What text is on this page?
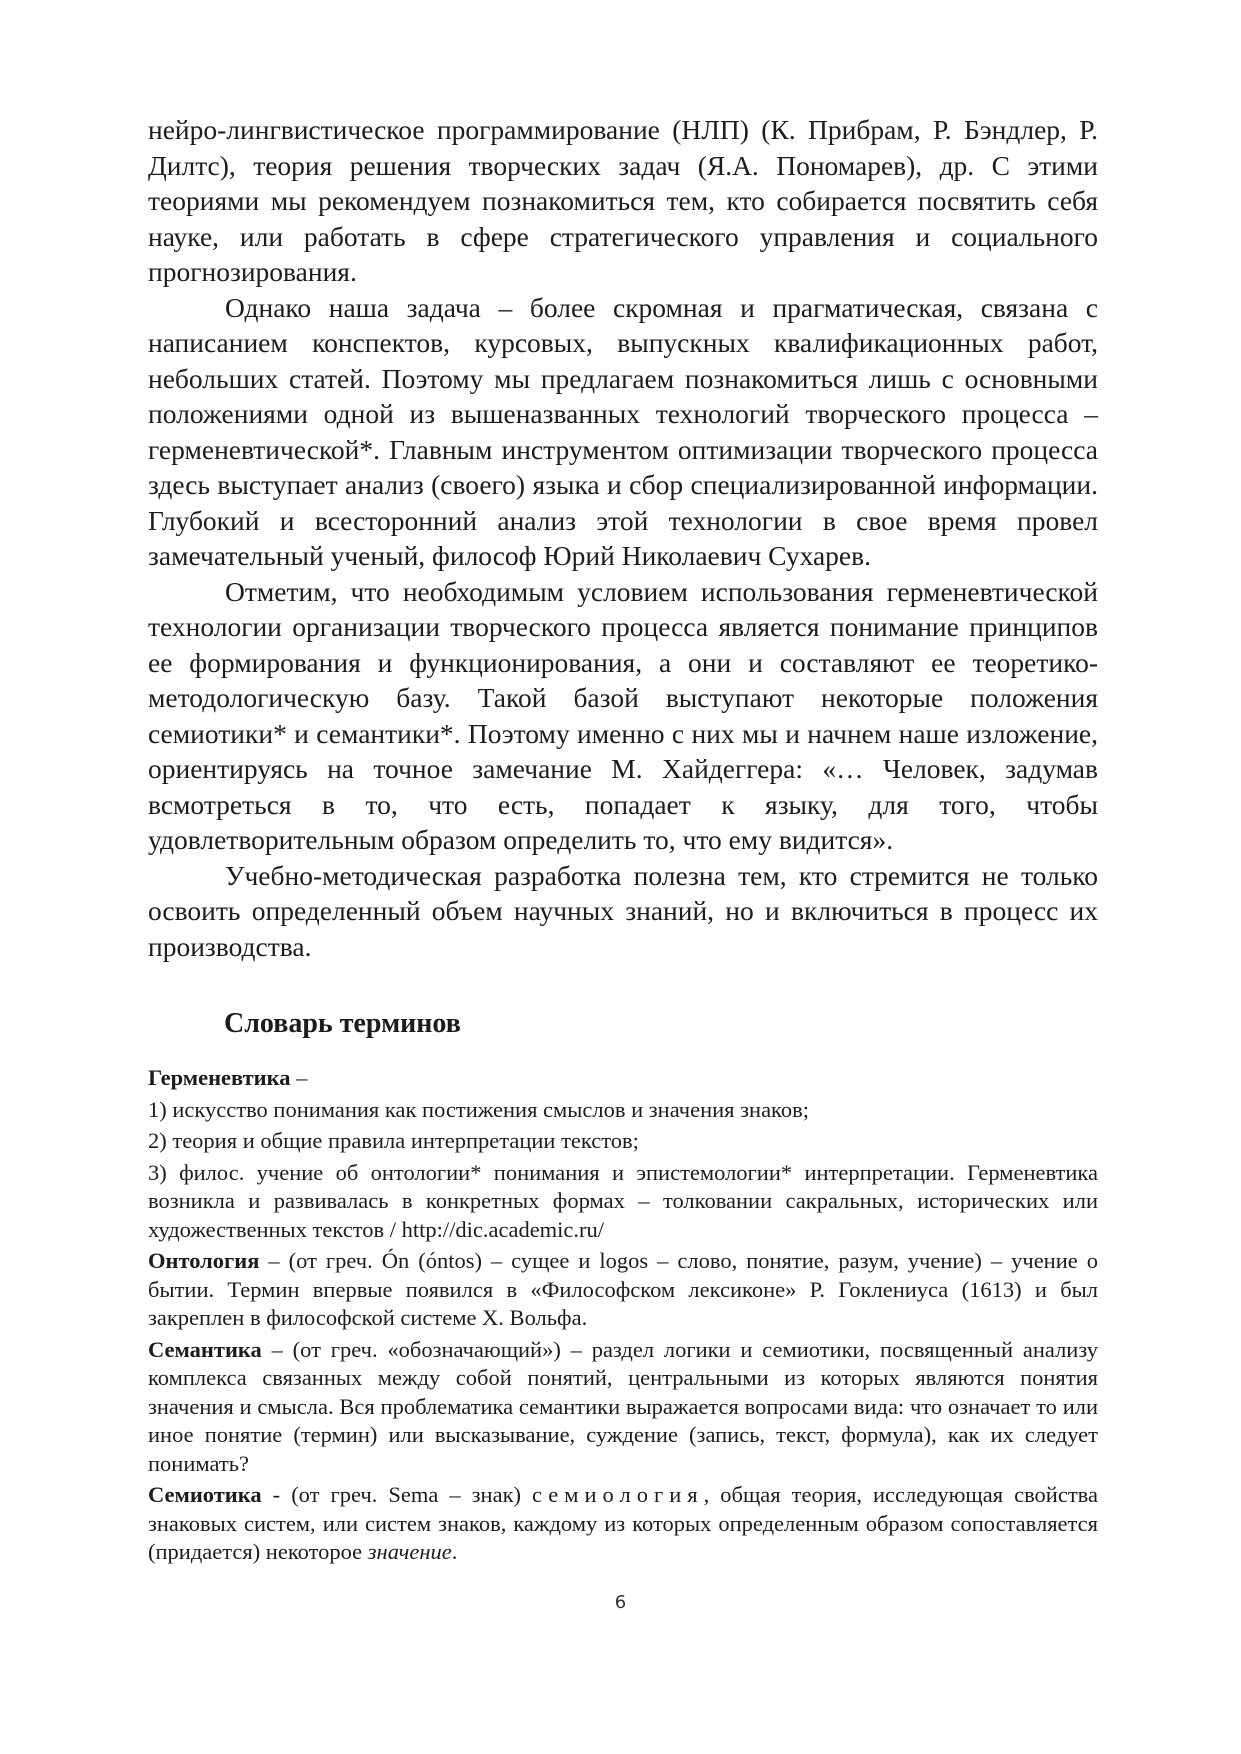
нейро-лингвистическое программирование (НЛП) (К. Прибрам, Р. Бэндлер, Р. Дилтс), теория решения творческих задач (Я.А. Пономарев), др. С этими теориями мы рекомендуем познакомиться тем, кто собирается посвятить себя науке, или работать в сфере стратегического управления и социального прогнозирования.

Однако наша задача – более скромная и прагматическая, связана с написанием конспектов, курсовых, выпускных квалификационных работ, небольших статей. Поэтому мы предлагаем познакомиться лишь с основными положениями одной из вышеназванных технологий творческого процесса – герменевтической*. Главным инструментом оптимизации творческого процесса здесь выступает анализ (своего) языка и сбор специализированной информации. Глубокий и всесторонний анализ этой технологии в свое время провел замечательный ученый, философ Юрий Николаевич Сухарев.

Отметим, что необходимым условием использования герменевтической технологии организации творческого процесса является понимание принципов ее формирования и функционирования, а они и составляют ее теоретико-методологическую базу. Такой базой выступают некоторые положения семиотики* и семантики*. Поэтому именно с них мы и начнем наше изложение, ориентируясь на точное замечание М. Хайдеггера: «… Человек, задумав всмотреться в то, что есть, попадает к языку, для того, чтобы удовлетворительным образом определить то, что ему видится».

Учебно-методическая разработка полезна тем, кто стремится не только освоить определенный объем научных знаний, но и включиться в процесс их производства.

Словарь терминов
Герменевтика –
1) искусство понимания как постижения смыслов и значения знаков;
2) теория и общие правила интерпретации текстов;
3) филос. учение об онтологии* понимания и эпистемологии* интерпретации. Герменевтика возникла и развивалась в конкретных формах – толковании сакральных, исторических или художественных текстов / http://dic.academic.ru/
Онтология – (от греч. Ón (óntos) – сущее и logos – слово, понятие, разум, учение) – учение о бытии. Термин впервые появился в «Философском лексиконе» Р. Гоклениуса (1613) и был закреплен в философской системе Х. Вольфа.
Семантика – (от греч. «обозначающий») – раздел логики и семиотики, посвященный анализу комплекса связанных между собой понятий, центральными из которых являются понятия значения и смысла. Вся проблематика семантики выражается вопросами вида: что означает то или иное понятие (термин) или высказывание, суждение (запись, текст, формула), как их следует понимать?
Семиотика - (от греч. Sema – знак) семиология, общая теория, исследующая свойства знаковых систем, или систем знаков, каждому из которых определенным образом сопоставляется (придается) некоторое значение.
6
